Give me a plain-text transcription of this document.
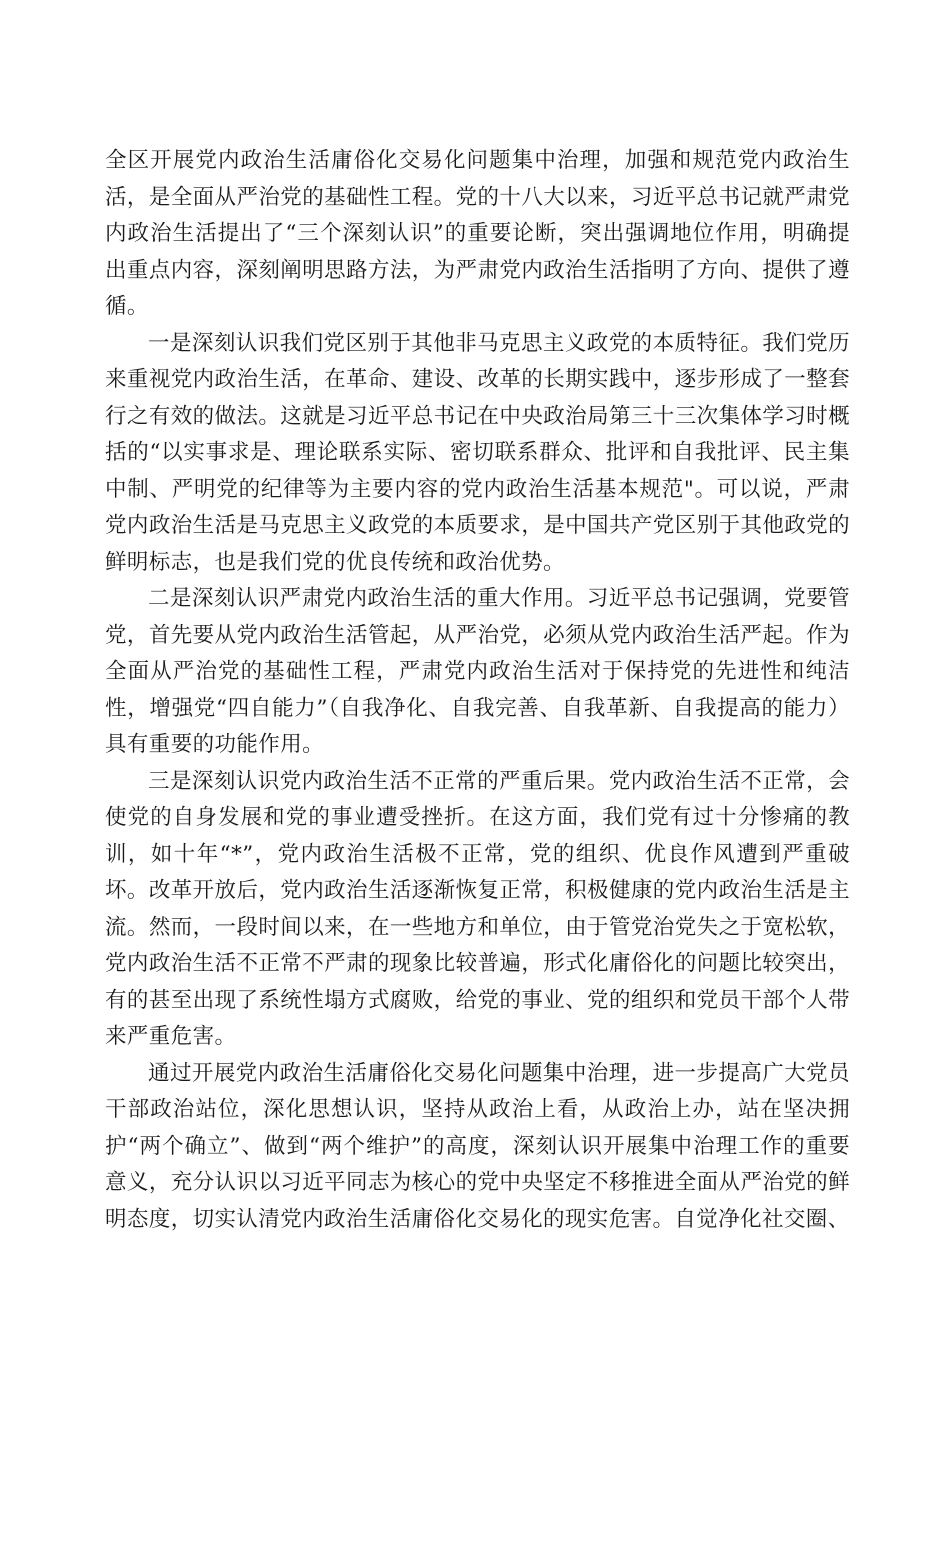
全区开展党内政治生活庸俗化交易化问题集中治理，加强和规范党内政治生活，是全面从严治党的基础性工程。党的十八大以来，习近平总书记就严肃党内政治生活提出了“三个深刻认识”的重要论断，突出强调地位作用，明确提出重点内容，深刻阐明思路方法，为严肃党内政治生活指明了方向、提供了遵循。

一是深刻认识我们党区别于其他非马克思主义政党的本质特征。我们党历来重视党内政治生活，在革命、建设、改革的长期实践中，逐步形成了一整套行之有效的做法。这就是习近平总书记在中央政治局第三十三次集体学习时概括的“以实事求是、理论联系实际、密切联系群众、批评和自我批评、民主集中制、严明党的纪律等为主要内容的党内政治生活基本规范"。可以说，严肃党内政治生活是马克思主义政党的本质要求，是中国共产党区别于其他政党的鲜明标志，也是我们党的优良传统和政治优势。

二是深刻认识严肃党内政治生活的重大作用。习近平总书记强调，党要管党，首先要从党内政治生活管起，从严治党，必须从党内政治生活严起。作为全面从严治党的基础性工程，严肃党内政治生活对于保持党的先进性和纯洁性，增强党“四自能力”（自我净化、自我完善、自我革新、自我提高的能力）具有重要的功能作用。

三是深刻认识党内政治生活不正常的严重后果。党内政治生活不正常，会使党的自身发展和党的事业遭受挫折。在这方面，我们党有过十分惨痛的教训，如十年“*”，党内政治生活极不正常，党的组织、优良作风遭到严重破坏。改革开放后，党内政治生活逐渐恢复正常，积极健康的党内政治生活是主流。然而，一段时间以来，在一些地方和单位，由于管党治党失之于宽松软，党内政治生活不正常不严肃的现象比较普遍，形式化庸俗化的问题比较突出，有的甚至出现了系统性塌方式腐败，给党的事业、党的组织和党员干部个人带来严重危害。

通过开展党内政治生活庸俗化交易化问题集中治理，进一步提高广大党员干部政治站位，深化思想认识，坚持从政治上看，从政治上办，站在坚决拥护“两个确立”、做到“两个维护”的高度，深刻认识开展集中治理工作的重要意义，充分认识以习近平同志为核心的党中央坚定不移推进全面从严治党的鲜明态度，切实认清党内政治生活庸俗化交易化的现实危害。自觉净化社交圈、
